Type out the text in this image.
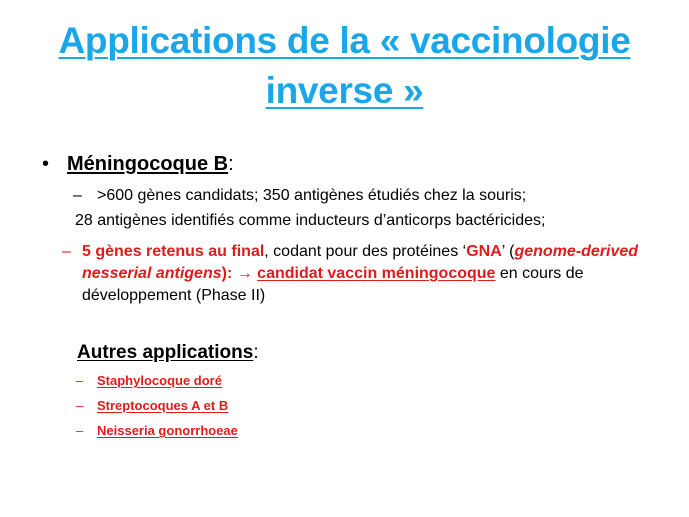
Applications de la « vaccinologie
inverse »
• Méningocoque B:
– >600 gènes candidats; 350 antigènes étudiés chez la souris;
28 antigènes identifiés comme inducteurs d’anticorps bactéricides;
– 5 gènes retenus au final, codant pour des protéines ‘GNA’ (genome-derived nesserial antigens): → candidat vaccin méningocoque en cours de développement (Phase II)
Autres applications:
– Staphylocoque doré
– Streptocoques A et B
– Neisseria gonorrhoeae
